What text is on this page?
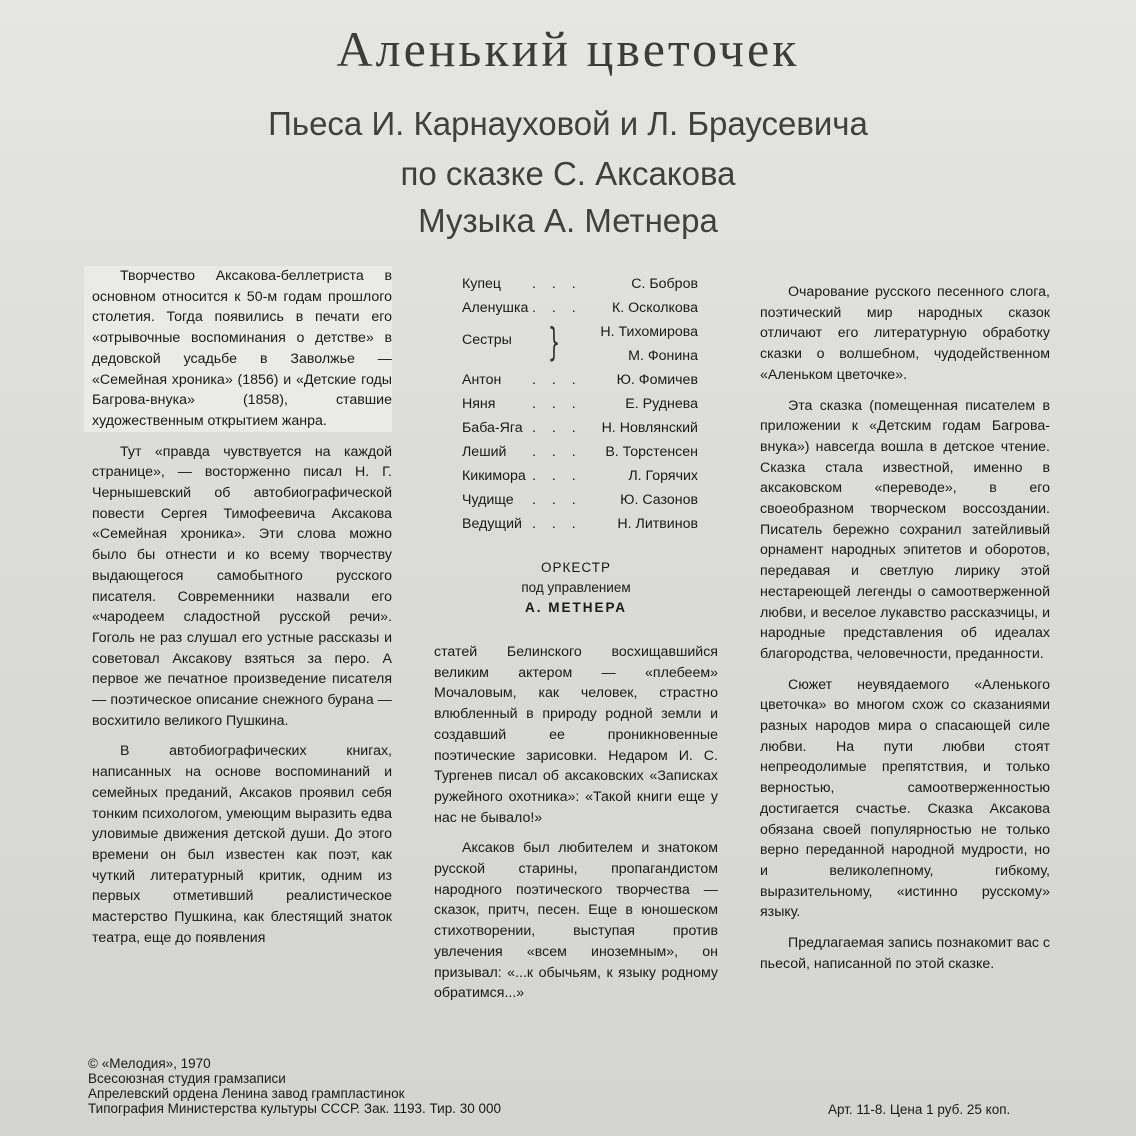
Аленький цветочек
Пьеса И. Карнауховой и Л. Браусевича
по сказке С. Аксакова
Музыка А. Метнера

Творчество Аксакова-беллетриста в основном относится к 50-м годам прошлого столетия. Тогда появились в печати его «отрывочные воспоминания о детстве» в дедовской усадьбе в Заволжье — «Семейная хроника» (1856) и «Детские годы Багрова-внука» (1858), ставшие художественным открытием жанра.

Тут «правда чувствуется на каждой странице», — восторженно писал Н. Г. Чернышевский об автобиографической повести Сергея Тимофеевича Аксакова «Семейная хроника». Эти слова можно было бы отнести и ко всему творчеству выдающегося самобытного русского писателя. Современники назвали его «чародеем сладостной русской речи». Гоголь не раз слушал его устные рассказы и советовал Аксакову взяться за перо. А первое же печатное произведение писателя — поэтическое описание снежного бурана — восхитило великого Пушкина.

В автобиографических книгах, написанных на основе воспоминаний и семейных преданий, Аксаков проявил себя тонким психологом, умеющим выразить едва уловимые движения детской души. До этого времени он был известен как поэт, как чуткий литературный критик, одним из первых отметивший реалистическое мастерство Пушкина, как блестящий знаток театра, еще до появления

Купец . . .	С. Бобров
Аленушка . . . К. Осколкова
Сестры }	Н. Тихомирова
М. Фонина
Антон . . . Ю. Фомичев
Няня	. . .	Е. Руднева
Баба-Яга . . . Н. Новлянский
Леший . . . В. Торстенсен
Кикимора . . .	Л. Горячих
Чудище . . .	Ю. Сазонов
Ведущий . . .	Н. Литвинов
ОРКЕСТР
под управлением
А. МЕТНЕРА

статей Белинского восхищавшийся великим актером — «плебеем» Мочаловым, как человек, страстно влюбленный в природу родной земли и создавший ее проникновенные поэтические зарисовки. Недаром И. С. Тургенев писал об аксаковских «Записках ружейного охотника»: «Такой книги еще у нас не бывало!»

Аксаков был любителем и знатоком русской старины, пропагандистом народного поэтического творчества — сказок, притч, песен. Еще в юношеском стихотворении, выступая против увлечения «всем иноземным», он призывал: «...к обычьям, к языку родному обратимся...»

Очарование русского песенного слога, поэтический мир народных сказок отличают его литературную обработку сказки о волшебном, чудодейственном «Аленьком цветочке».

Эта сказка (помещенная писателем в приложении к «Детским годам Багрова-внука») навсегда вошла в детское чтение. Сказка стала известной, именно в аксаковском «переводе», в его своеобразном творческом воссоздании. Писатель бережно сохранил затейливый орнамент народных эпитетов и оборотов, передавая и светлую лирику этой нестареющей легенды о самоотверженной любви, и веселое лукавство рассказчицы, и народные представления об идеалах благородства, человечности, преданности.

Сюжет неувядаемого «Аленького цветочка» во многом схож со сказаниями разных народов мира о спасающей силе любви. На пути любви стоят непреодолимые препятствия, и только верностью, самоотверженностью достигается счастье. Сказка Аксакова обязана своей популярностью не только верно переданной народной мудрости, но и великолепному, гибкому, выразительному, «истинно русскому» языку.

Предлагаемая запись познакомит вас с пьесой, написанной по этой сказке.

© «Мелодия», 1970
Всесоюзная студия грамзаписи
Апрелевский ордена Ленина завод грампластинок
Типография Министерства культуры СССР. Зак. 1193. Тир. 30 000	Арт. 11-8. Цена 1 руб. 25 коп.
